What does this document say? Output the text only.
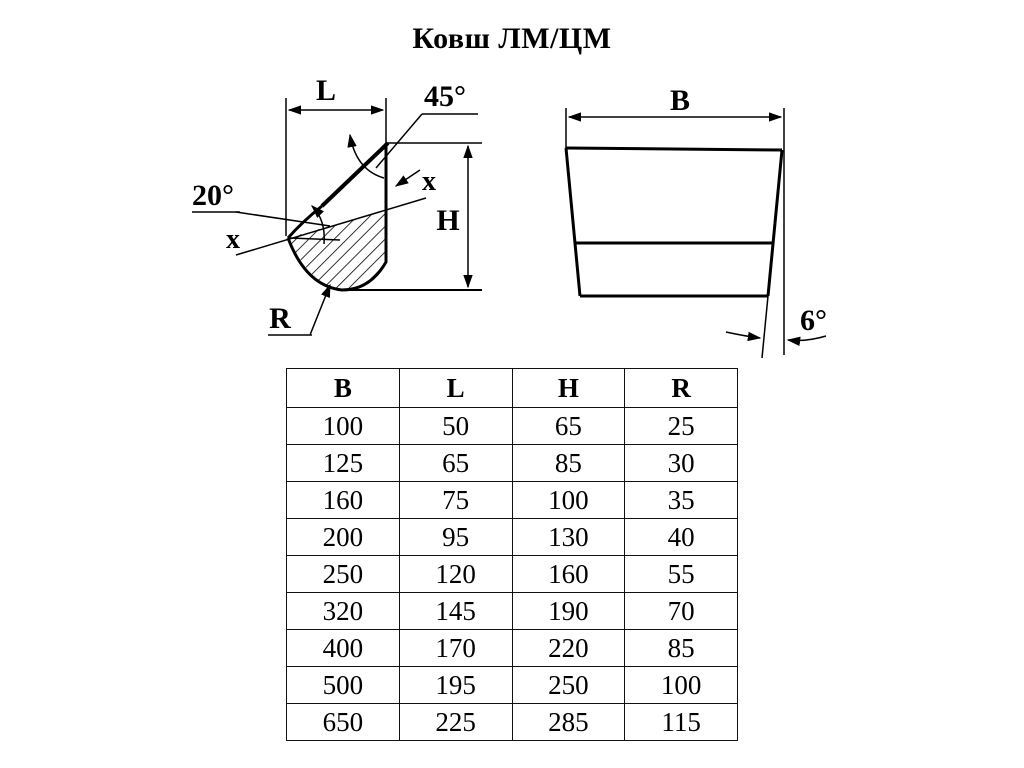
Ковш ЛМ/ЦМ
L	45°
x
H
20°
x
R
B
6°
B	L	H	R
100	50	65	25
125	65	85	30
160	75	100	35
200	95	130	40
250	120	160	55
320	145	190	70
400	170	220	85
500	195	250	100
650	225	285	115
